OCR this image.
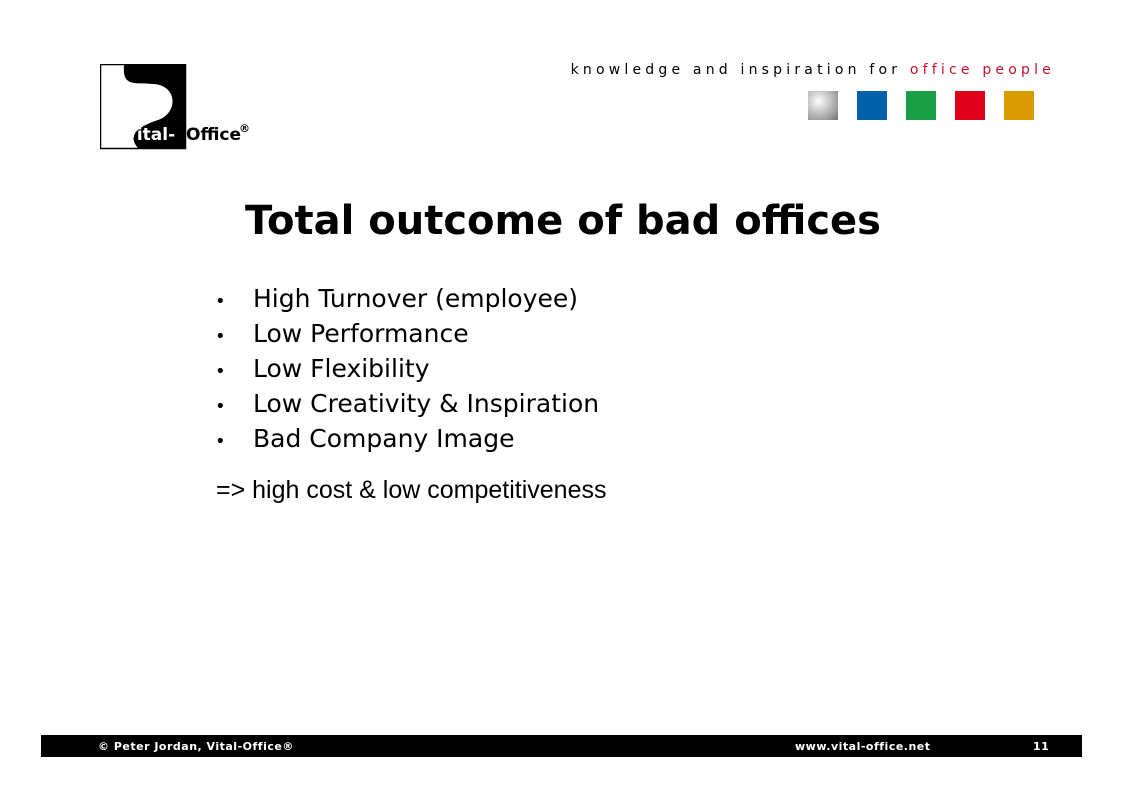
Vital- Office
®
knowledge and inspiration for office people
Total outcome of bad offices
•	High Turnover (employee)
•	Low Performance
•	Low Flexibility
•	Low Creativity & Inspiration
•	Bad Company Image
=> high cost & low competitiveness
© Peter Jordan, Vital-Office®	www.vital-office.net	11
